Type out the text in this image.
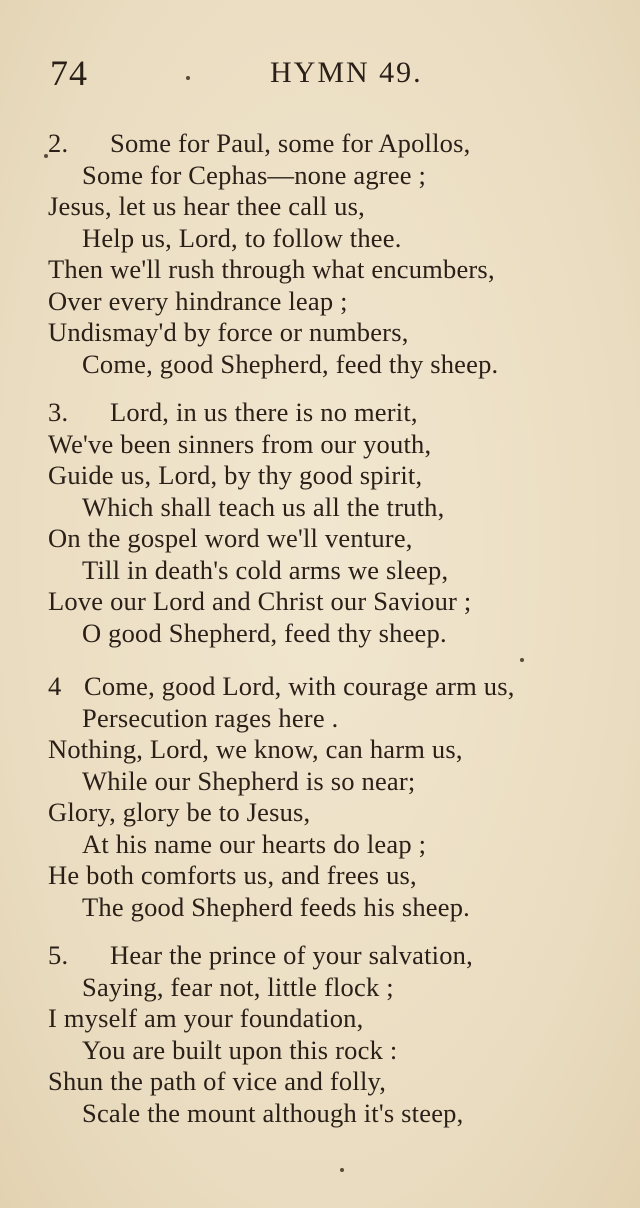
74	HYMN 49.
2. Some for Paul, some for Apollos,
Some for Cephas—none agree ;
Jesus, let us hear thee call us,
Help us, Lord, to follow thee.
Then we'll rush through what encumbers,
Over every hindrance leap ;
Undismay'd by force or numbers,
Come, good Shepherd, feed thy sheep.
3. Lord, in us there is no merit,
We've been sinners from our youth,
Guide us, Lord, by thy good spirit,
Which shall teach us all the truth,
On the gospel word we'll venture,
Till in death's cold arms we sleep,
Love our Lord and Christ our Saviour ;
O good Shepherd, feed thy sheep.
4 Come, good Lord, with courage arm us,
Persecution rages here .
Nothing, Lord, we know, can harm us,
While our Shepherd is so near;
Glory, glory be to Jesus,
At his name our hearts do leap ;
He both comforts us, and frees us,
The good Shepherd feeds his sheep.
5. Hear the prince of your salvation,
Saying, fear not, little flock ;
I myself am your foundation,
You are built upon this rock :
Shun the path of vice and folly,
Scale the mount although it's steep,
